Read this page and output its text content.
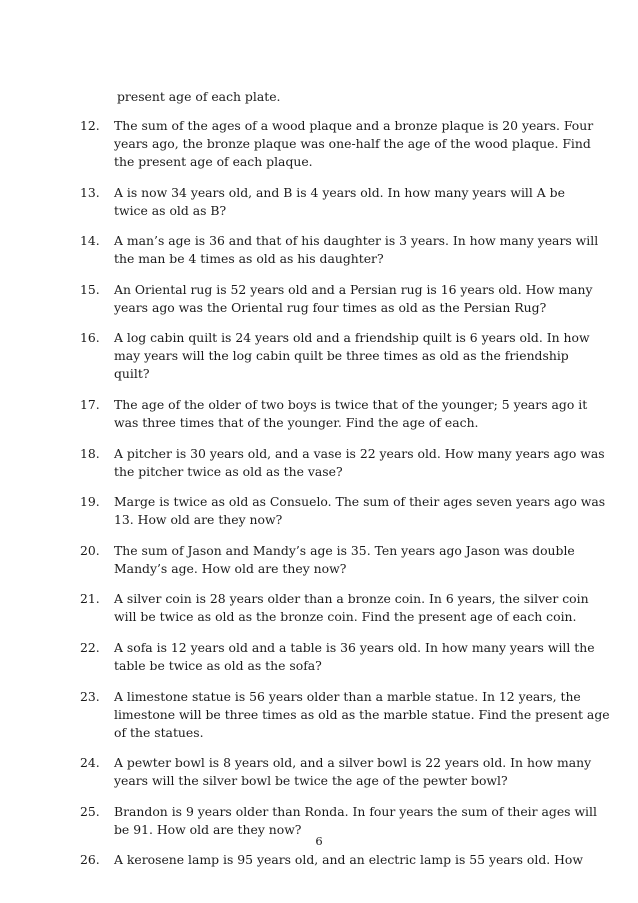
present age of each plate.
12.	The sum of the ages of a wood plaque and a bronze plaque is 20 years. Four
years ago, the bronze plaque was one-half the age of the wood plaque. Find
the present age of each plaque.
13.	A is now 34 years old, and B is 4 years old. In how many years will A be
twice as old as B?
14.	A man’s age is 36 and that of his daughter is 3 years. In how many years will
the man be 4 times as old as his daughter?
15.	An Oriental rug is 52 years old and a Persian rug is 16 years old. How many
years ago was the Oriental rug four times as old as the Persian Rug?
16.	A log cabin quilt is 24 years old and a friendship quilt is 6 years old. In how
may years will the log cabin quilt be three times as old as the friendship
quilt?
17.	The age of the older of two boys is twice that of the younger; 5 years ago it
was three times that of the younger. Find the age of each.
18.	A pitcher is 30 years old, and a vase is 22 years old. How many years ago was
the pitcher twice as old as the vase?
19.	Marge is twice as old as Consuelo. The sum of their ages seven years ago was
13. How old are they now?
20.	The sum of Jason and Mandy’s age is 35. Ten years ago Jason was double
Mandy’s age. How old are they now?
21.	A silver coin is 28 years older than a bronze coin. In 6 years, the silver coin
will be twice as old as the bronze coin. Find the present age of each coin.
22.	A sofa is 12 years old and a table is 36 years old. In how many years will the
table be twice as old as the sofa?
23.	A limestone statue is 56 years older than a marble statue. In 12 years, the
limestone will be three times as old as the marble statue. Find the present age
of the statues.
24.	A pewter bowl is 8 years old, and a silver bowl is 22 years old. In how many
years will the silver bowl be twice the age of the pewter bowl?
25.	Brandon is 9 years older than Ronda. In four years the sum of their ages will
be 91. How old are they now?
26.	A kerosene lamp is 95 years old, and an electric lamp is 55 years old. How
6
